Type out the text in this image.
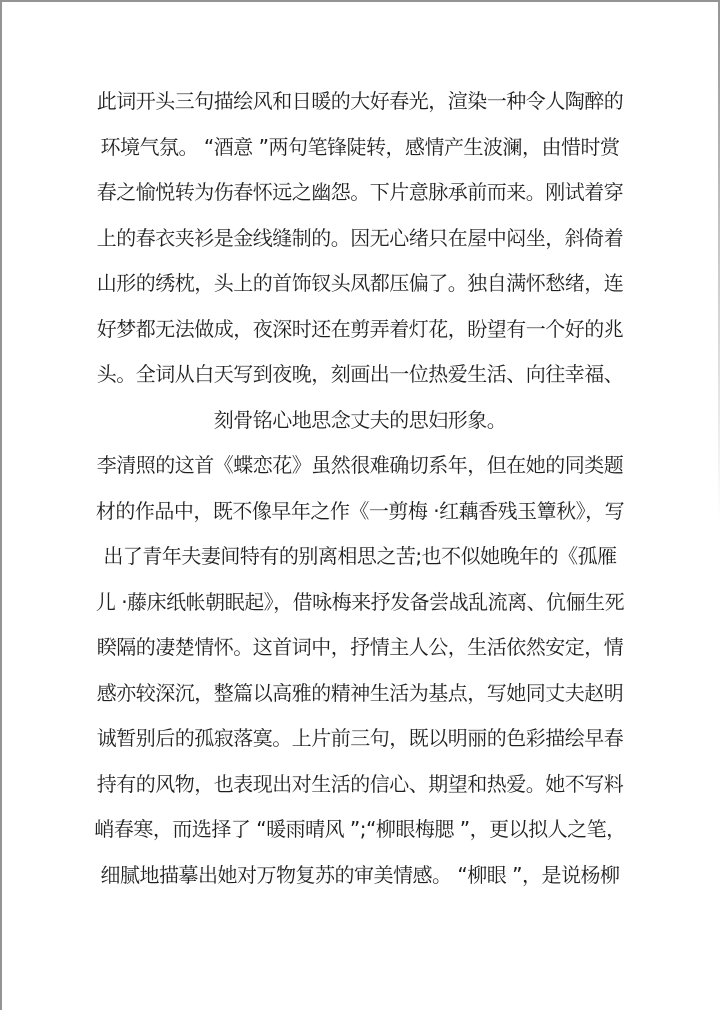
此词开头三句描绘风和日暖的大好春光，渲染一种令人陶醉的
环境气氛。 “酒意 ”两句笔锋陡转，感情产生波澜，由惜时赏
春之愉悦转为伤春怀远之幽怨。下片意脉承前而来。刚试着穿
上的春衣夹衫是金线缝制的。因无心绪只在屋中闷坐，斜倚着
山形的绣枕，头上的首饰钗头凤都压偏了。独自满怀愁绪，连
好梦都无法做成，夜深时还在剪弄着灯花，盼望有一个好的兆
头。全词从白天写到夜晚，刻画出一位热爱生活、向往幸福、
刻骨铭心地思念丈夫的思妇形象。
李清照的这首《蝶恋花》虽然很难确切系年，但在她的同类题
材的作品中，既不像早年之作《一剪梅 ·红藕香残玉簟秋》，写
出了青年夫妻间特有的别离相思之苦;也不似她晚年的《孤雁
儿 ·藤床纸帐朝眠起》，借咏梅来抒发备尝战乱流离、伉俪生死
睽隔的凄楚情怀。这首词中，抒情主人公，生活依然安定，情
感亦较深沉，整篇以高雅的精神生活为基点，写她同丈夫赵明
诚暂别后的孤寂落寞。上片前三句，既以明丽的色彩描绘早春
持有的风物，也表现出对生活的信心、期望和热爱。她不写料
峭春寒，而选择了 “暖雨晴风 ”;“柳眼梅腮 ”，更以拟人之笔，
细腻地描摹出她对万物复苏的审美情感。 “柳眼 ”，是说杨柳
